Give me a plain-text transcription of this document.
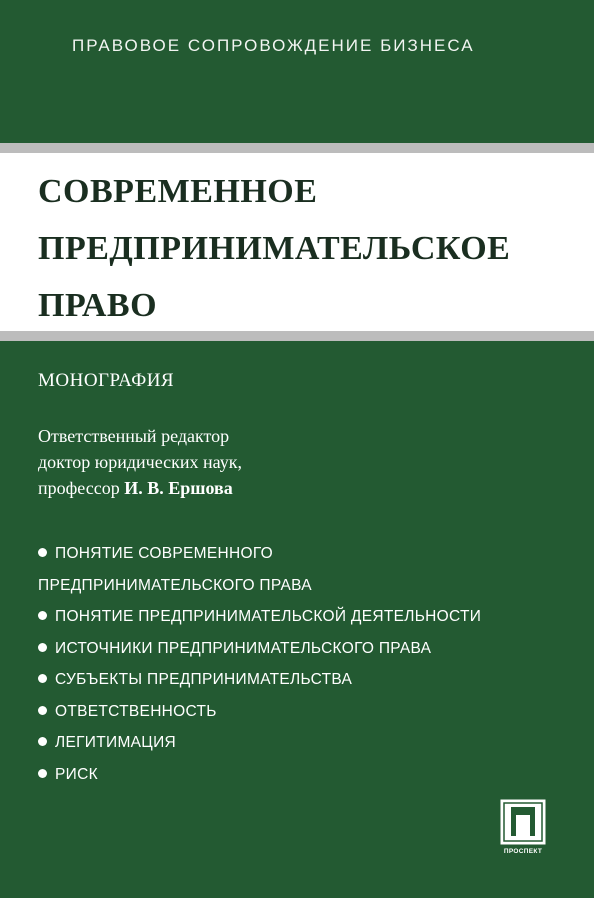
ПРАВОВОЕ СОПРОВОЖДЕНИЕ БИЗНЕСА
СОВРЕМЕННОЕ
ПРЕДПРИНИМАТЕЛЬСКОЕ
ПРАВО
МОНОГРАФИЯ
Ответственный редактор
доктор юридических наук,
профессор И. В. Ершова
ПОНЯТИЕ СОВРЕМЕННОГО
ПРЕДПРИНИМАТЕЛЬСКОГО ПРАВА
ПОНЯТИЕ ПРЕДПРИНИМАТЕЛЬСКОЙ ДЕЯТЕЛЬНОСТИ
ИСТОЧНИКИ ПРЕДПРИНИМАТЕЛЬСКОГО ПРАВА
СУБЪЕКТЫ ПРЕДПРИНИМАТЕЛЬСТВА
ОТВЕТСТВЕННОСТЬ
ЛЕГИТИМАЦИЯ
РИСК
ПРОСПЕКТ
